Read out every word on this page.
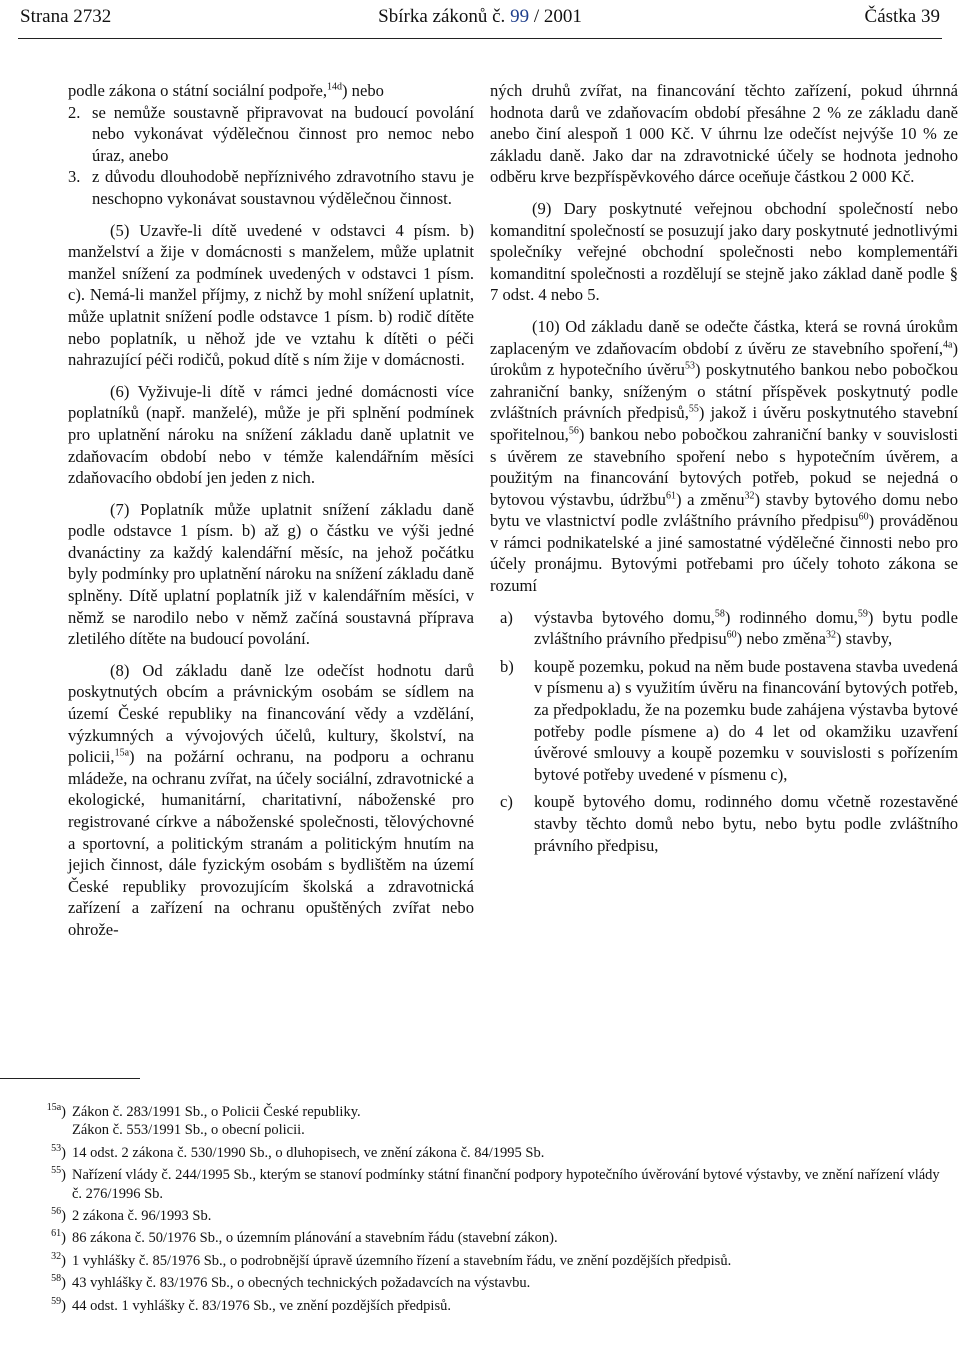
Strana 2732	Sbírka zákonů č. 99 / 2001	Částka 39

podle zákona o státní sociální podpoře,$^{14d}$) nebo

2. se nemůže soustavně připravovat na budoucí povolání nebo vykonávat výdělečnou činnost pro nemoc nebo úraz, anebo
3. z důvodu dlouhodobě nepříznivého zdravotního stavu je neschopno vykonávat soustavnou výdělečnou činnost.

(5) Uzavře-li dítě uvedené v odstavci 4 písm. b) manželství a žije v domácnosti s manželem, může uplatnit manžel snížení za podmínek uvedených v odstavci 1 písm. c). Nemá-li manžel příjmy, z nichž by mohl snížení uplatnit, může uplatnit snížení podle odstavce 1 písm. b) rodič dítěte nebo poplatník, u něhož jde ve vztahu k dítěti o péči nahrazující péči rodičů, pokud dítě s ním žije v domácnosti.

(6) Vyživuje-li dítě v rámci jedné domácnosti více poplatníků (např. manželé), může je při splnění podmínek pro uplatnění nároku na snížení základu daně uplatnit ve zdaňovacím období nebo v témže kalendářním měsíci zdaňovacího období jen jeden z nich.

(7) Poplatník může uplatnit snížení základu daně podle odstavce 1 písm. b) až g) o částku ve výši jedné dvanáctiny za každý kalendářní měsíc, na jehož počátku byly podmínky pro uplatnění nároku na snížení základu daně splněny. Dítě uplatní poplatník již v kalendářním měsíci, v němž se narodilo nebo v němž začíná soustavná příprava zletilého dítěte na budoucí povolání.

(8) Od základu daně lze odečíst hodnotu darů poskytnutých obcím a právnickým osobám se sídlem na území České republiky na financování vědy a vzdělání, výzkumných a vývojových účelů, kultury, školství, na policii,$^{15a}$) na požární ochranu, na podporu a ochranu mládeže, na ochranu zvířat, na účely sociální, zdravotnické a ekologické, humanitární, charitativní, náboženské pro registrované církve a náboženské společnosti, tělovýchovné a sportovní, a politickým stranám a politickým hnutím na jejich činnost, dále fyzickým osobám s bydlištěm na území České republiky provozujícím školská a zdravotnická zařízení a zařízení na ochranu opuštěných zvířat nebo ohrože-

ných druhů zvířat, na financování těchto zařízení, pokud úhrnná hodnota darů ve zdaňovacím období přesáhne 2 % ze základu daně anebo činí alespoň 1 000 Kč. V úhrnu lze odečíst nejvýše 10 % ze základu daně. Jako dar na zdravotnické účely se hodnota jednoho odběru krve bezpříspěvkového dárce oceňuje částkou 2 000 Kč.

(9) Dary poskytnuté veřejnou obchodní společností nebo komanditní společností se posuzují jako dary poskytnuté jednotlivými společníky veřejné obchodní společnosti nebo komplementáři komanditní společnosti a rozdělují se stejně jako základ daně podle § 7 odst. 4 nebo 5.

(10) Od základu daně se odečte částka, která se rovná úrokům zaplaceným ve zdaňovacím období z úvěru ze stavebního spoření,$^{4a}$) úrokům z hypotečního úvěru$^{53}$) poskytnutého bankou nebo pobočkou zahraniční banky, sníženým o státní příspěvek poskytnutý podle zvláštních právních předpisů,$^{55}$) jakož i úvěru poskytnutého stavební spořitelnou,$^{56}$) bankou nebo pobočkou zahraniční banky v souvislosti s úvěrem ze stavebního spoření nebo s hypotečním úvěrem, a použitým na financování bytových potřeb, pokud se nejedná o bytovou výstavbu, údržbu$^{61}$) a změnu$^{32}$) stavby bytového domu nebo bytu ve vlastnictví podle zvláštního právního předpisu$^{60}$) prováděnou v rámci podnikatelské a jiné samostatné výdělečné činnosti nebo pro účely pronájmu. Bytovými potřebami pro účely tohoto zákona se rozumí

a) výstavba bytového domu,$^{58}$) rodinného domu,$^{59}$) bytu podle zvláštního právního předpisu$^{60}$) nebo změna$^{32}$) stavby,
b) koupě pozemku, pokud na něm bude postavena stavba uvedená v písmenu a) s využitím úvěru na financování bytových potřeb, za předpokladu, že na pozemku bude zahájena výstavba bytové potřeby podle písmene a) do 4 let od okamžiku uzavření úvěrové smlouvy a koupě pozemku v souvislosti s pořízením bytové potřeby uvedené v písmenu c),
c) koupě bytového domu, rodinného domu včetně rozestavěné stavby těchto domů nebo bytu, nebo bytu podle zvláštního právního předpisu,
$^{15a}$) Zákon č. 283/1991 Sb., o Policii České republiky.
Zákon č. 553/1991 Sb., o obecní policii.
$^{53}$) 14 odst. 2 zákona č. 530/1990 Sb., o dluhopisech, ve znění zákona č. 84/1995 Sb.
$^{55}$) Nařízení vlády č. 244/1995 Sb., kterým se stanoví podmínky státní finanční podpory hypotečního úvěrování bytové výstavby, ve znění nařízení vlády č. 276/1996 Sb.
$^{56}$) 2 zákona č. 96/1993 Sb.
$^{61}$) 86 zákona č. 50/1976 Sb., o územním plánování a stavebním řádu (stavební zákon).
$^{32}$) 1 vyhlášky č. 85/1976 Sb., o podrobnější úpravě územního řízení a stavebním řádu, ve znění pozdějších předpisů.
$^{58}$) 43 vyhlášky č. 83/1976 Sb., o obecných technických požadavcích na výstavbu.
$^{59}$) 44 odst. 1 vyhlášky č. 83/1976 Sb., ve znění pozdějších předpisů.
